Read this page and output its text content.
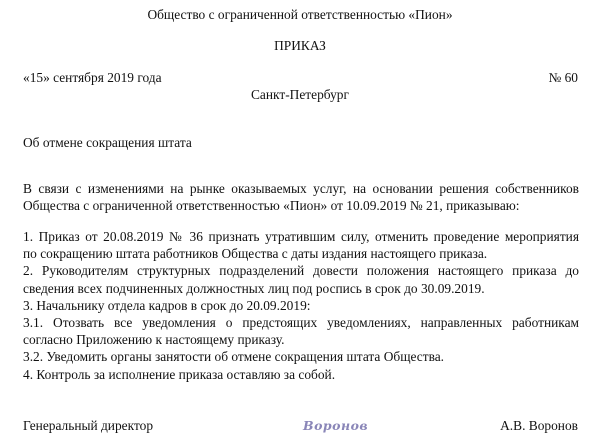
Общество с ограниченной ответственностью «Пион»
ПРИКАЗ
«15» сентября 2019 года	№ 60
Санкт-Петербург
Об отмене сокращения штата
В связи с изменениями на рынке оказываемых услуг, на основании решения собственников
Общества с ограниченной ответственностью «Пион» от 10.09.2019 № 21, приказываю:
1. Приказ от 20.08.2019 № 36 признать утратившим силу, отменить проведение мероприятия
по сокращению штата работников Общества с даты издания настоящего приказа.
2. Руководителям структурных подразделений довести положения настоящего приказа до
сведения всех подчиненных должностных лиц под роспись в срок до 30.09.2019.
3. Начальнику отдела кадров в срок до 20.09.2019:
3.1. Отозвать все уведомления о предстоящих уведомлениях, направленных работникам
согласно Приложению к настоящему приказу.
3.2. Уведомить органы занятости об отмене сокращения штата Общества.
4. Контроль за исполнение приказа оставляю за собой.
Генеральный директор	Воронов	А.В. Воронов
